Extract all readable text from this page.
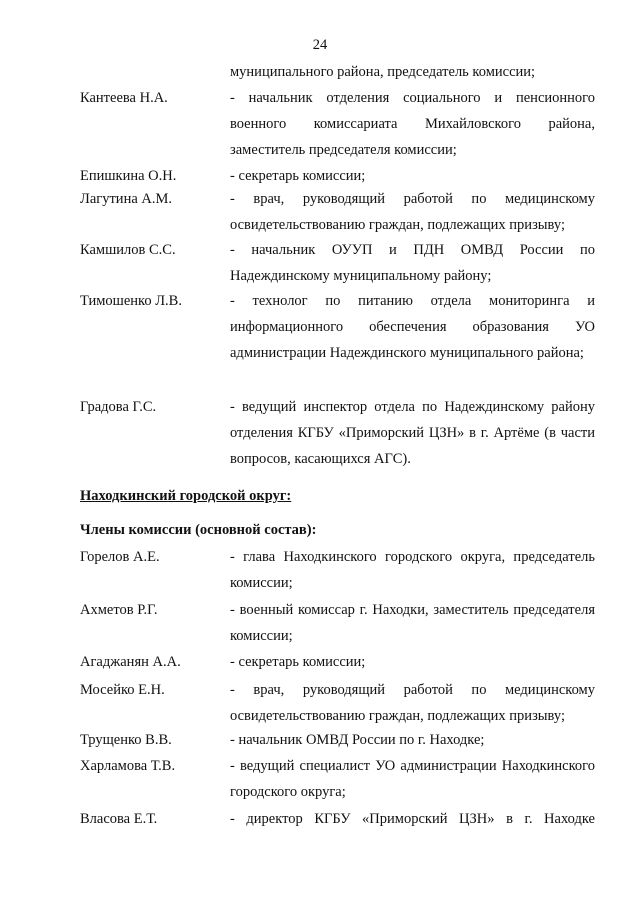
24
муниципального района, председатель комиссии;
Кантеева Н.А.	- начальник отделения социального и пенсионного военного комиссариата Михайловского района, заместитель председателя комиссии;
Епишкина О.Н.	- секретарь комиссии;
Лагутина А.М.	- врач, руководящий работой по медицинскому освидетельствованию граждан, подлежащих призыву;
Камшилов С.С.	- начальник ОУУП и ПДН ОМВД России по Надеждинскому муниципальному району;
Тимошенко Л.В.	- технолог по питанию отдела мониторинга и информационного обеспечения образования УО администрации Надеждинского муниципального района;
Градова Г.С.	- ведущий инспектор отдела по Надеждинскому району отделения КГБУ «Приморский ЦЗН» в г. Артёме (в части вопросов, касающихся АГС).
Находкинский городской округ:
Члены комиссии (основной состав):
Горелов А.Е.	- глава Находкинского городского округа, председатель комиссии;
Ахметов Р.Г.	- военный комиссар г. Находки, заместитель председателя комиссии;
Агаджанян А.А.	- секретарь комиссии;
Мосейко Е.Н.	- врач, руководящий работой по медицинскому освидетельствованию граждан, подлежащих призыву;
Трущенко В.В.	- начальник ОМВД России по г. Находке;
Харламова Т.В.	- ведущий специалист УО администрации Находкинского городского округа;
Власова Е.Т.	- директор КГБУ «Приморский ЦЗН» в г. Находке
